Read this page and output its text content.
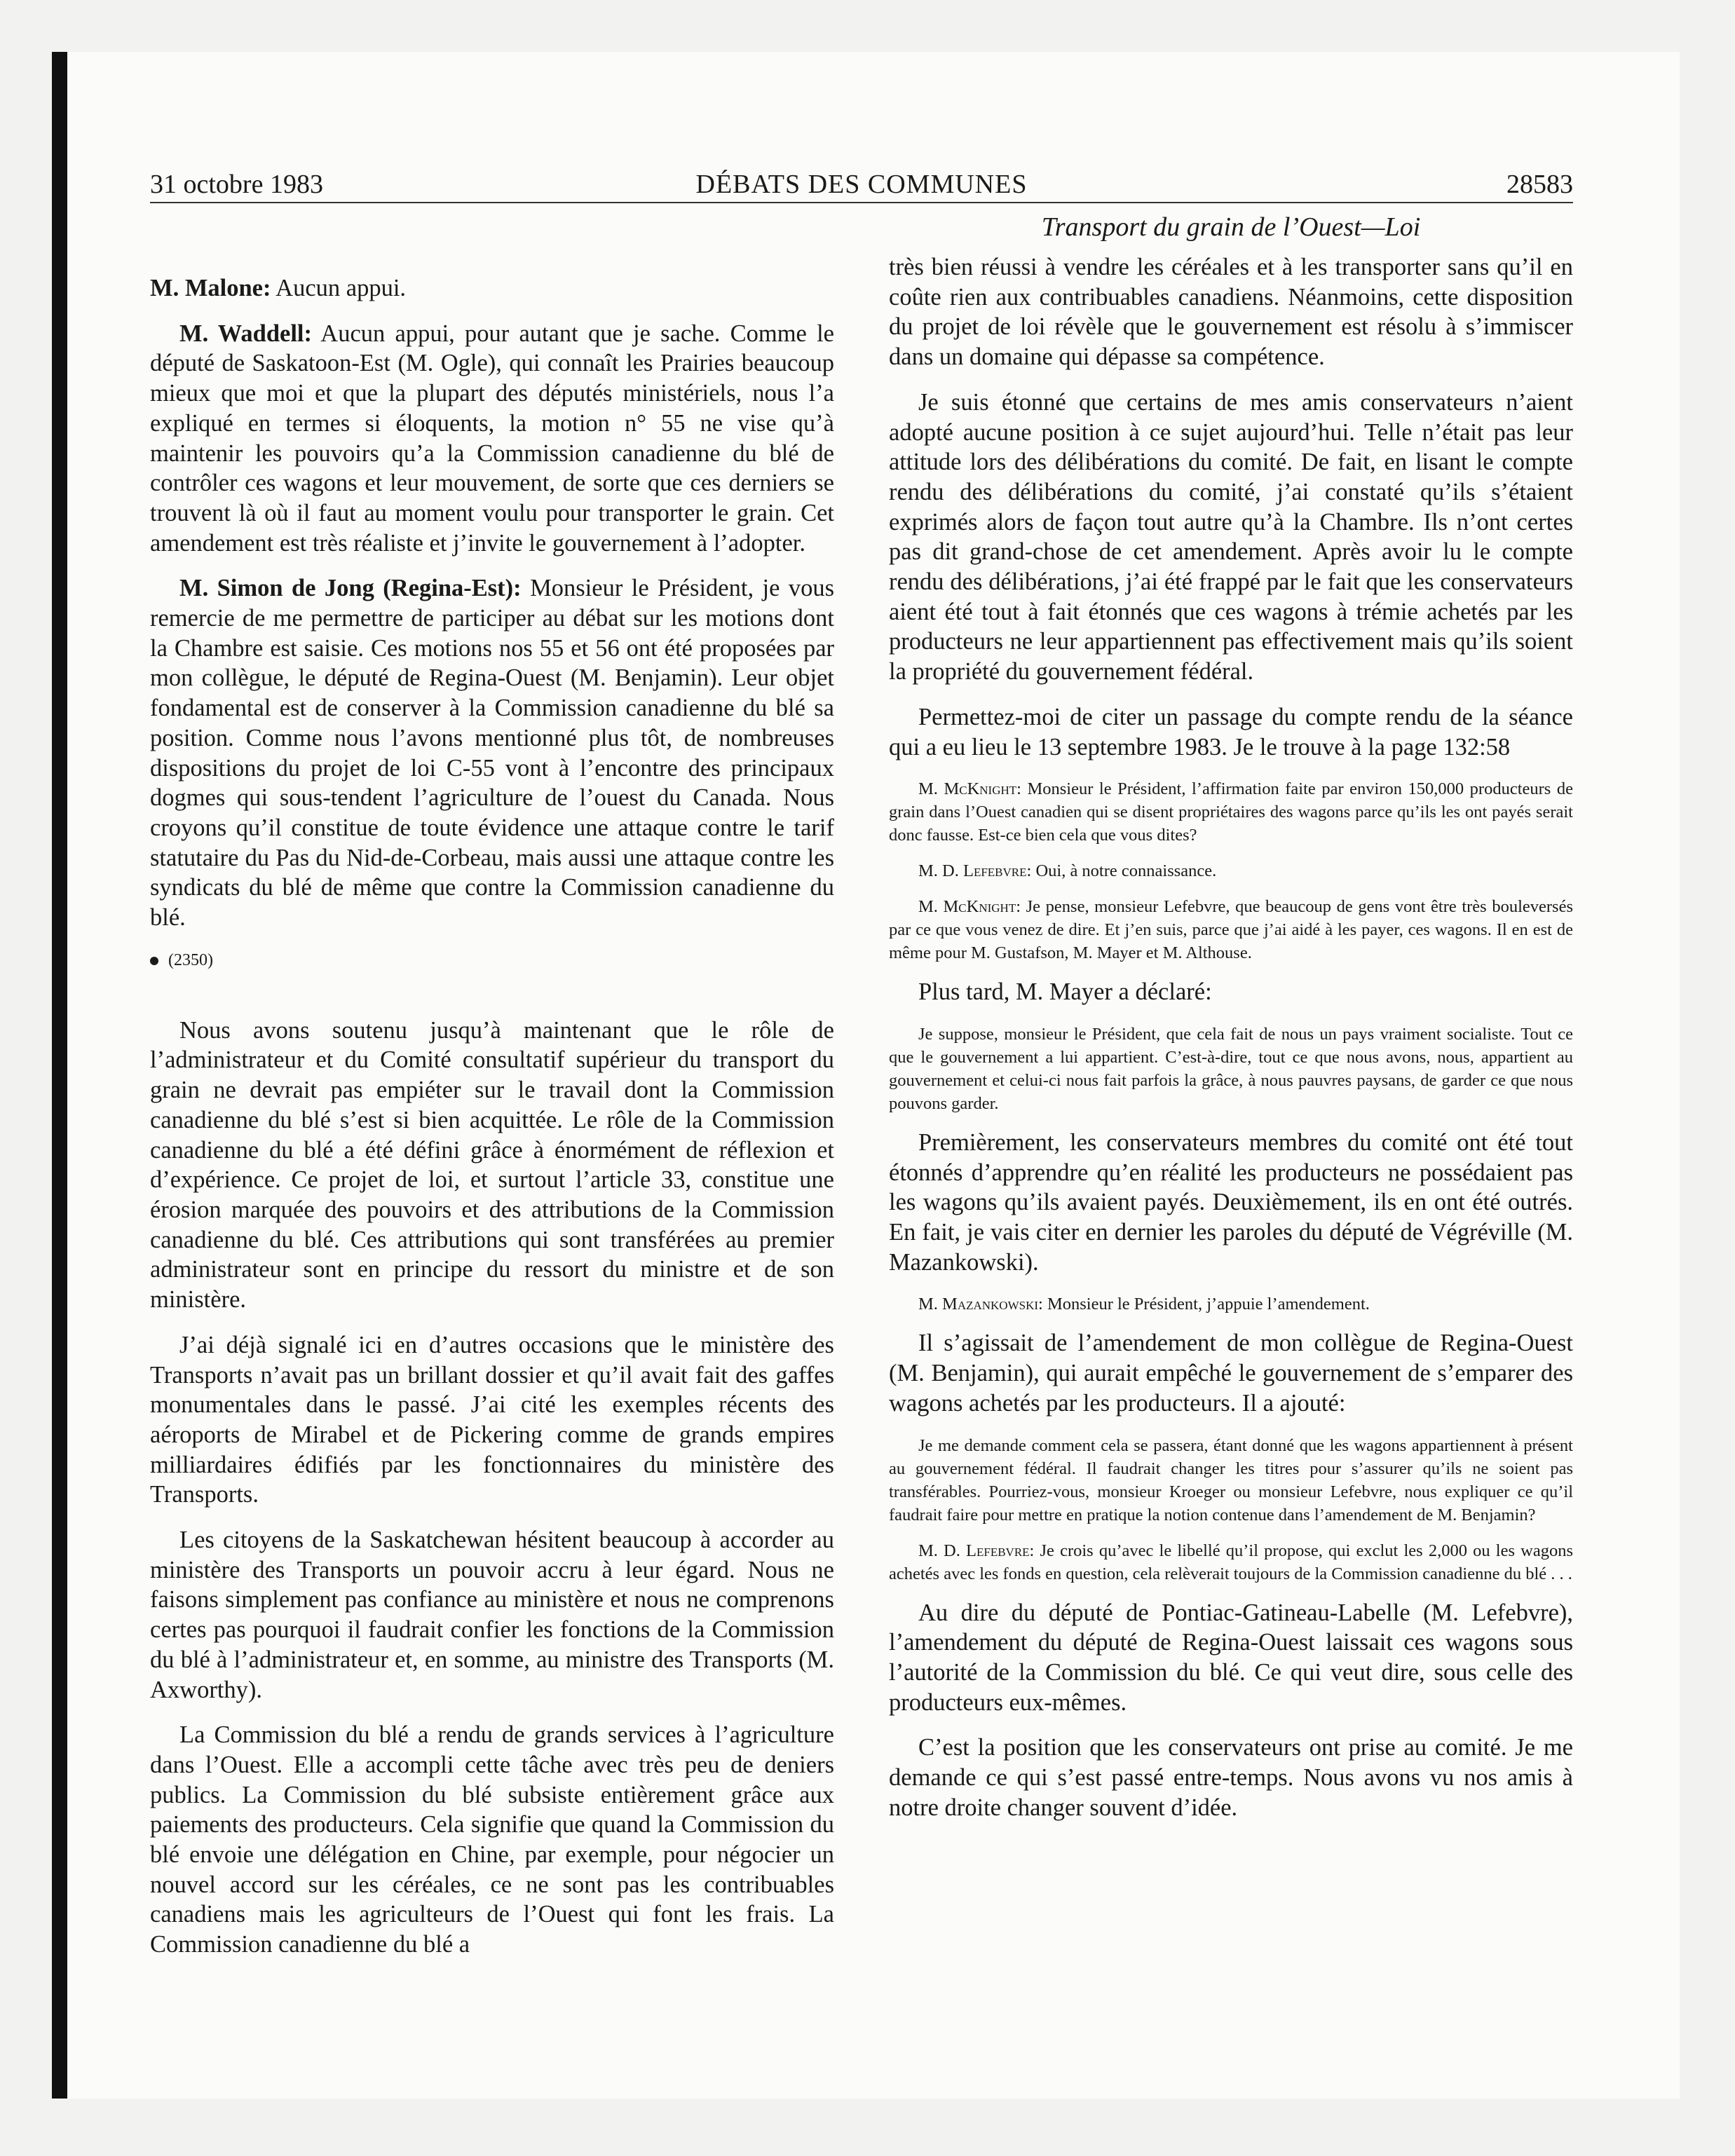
31 octobre 1983	DÉBATS DES COMMUNES	28583
Transport du grain de l’Ouest—Loi

M. Malone: Aucun appui.

M. Waddell: Aucun appui, pour autant que je sache. Comme le député de Saskatoon-Est (M. Ogle), qui connaît les Prairies beaucoup mieux que moi et que la plupart des députés ministériels, nous l’a expliqué en termes si éloquents, la motion n° 55 ne vise qu’à maintenir les pouvoirs qu’a la Commission canadienne du blé de contrôler ces wagons et leur mouvement, de sorte que ces derniers se trouvent là où il faut au moment voulu pour transporter le grain. Cet amendement est très réaliste et j’invite le gouvernement à l’adopter.

M. Simon de Jong (Regina-Est): Monsieur le Président, je vous remercie de me permettre de participer au débat sur les motions dont la Chambre est saisie. Ces motions nos 55 et 56 ont été proposées par mon collègue, le député de Regina-Ouest (M. Benjamin). Leur objet fondamental est de conserver à la Commission canadienne du blé sa position. Comme nous l’avons mentionné plus tôt, de nombreuses dispositions du projet de loi C-55 vont à l’encontre des principaux dogmes qui sous-tendent l’agriculture de l’ouest du Canada. Nous croyons qu’il constitue de toute évidence une attaque contre le tarif statutaire du Pas du Nid-de-Corbeau, mais aussi une attaque contre les syndicats du blé de même que contre la Commission canadienne du blé.

(2350)

Nous avons soutenu jusqu’à maintenant que le rôle de l’administrateur et du Comité consultatif supérieur du transport du grain ne devrait pas empiéter sur le travail dont la Commission canadienne du blé s’est si bien acquittée. Le rôle de la Commission canadienne du blé a été défini grâce à énormément de réflexion et d’expérience. Ce projet de loi, et surtout l’article 33, constitue une érosion marquée des pouvoirs et des attributions de la Commission canadienne du blé. Ces attributions qui sont transférées au premier administrateur sont en principe du ressort du ministre et de son ministère.

J’ai déjà signalé ici en d’autres occasions que le ministère des Transports n’avait pas un brillant dossier et qu’il avait fait des gaffes monumentales dans le passé. J’ai cité les exemples récents des aéroports de Mirabel et de Pickering comme de grands empires milliardaires édifiés par les fonctionnaires du ministère des Transports.

Les citoyens de la Saskatchewan hésitent beaucoup à accorder au ministère des Transports un pouvoir accru à leur égard. Nous ne faisons simplement pas confiance au ministère et nous ne comprenons certes pas pourquoi il faudrait confier les fonctions de la Commission du blé à l’administrateur et, en somme, au ministre des Transports (M. Axworthy).

La Commission du blé a rendu de grands services à l’agriculture dans l’Ouest. Elle a accompli cette tâche avec très peu de deniers publics. La Commission du blé subsiste entièrement grâce aux paiements des producteurs. Cela signifie que quand la Commission du blé envoie une délégation en Chine, par exemple, pour négocier un nouvel accord sur les céréales, ce ne sont pas les contribuables canadiens mais les agriculteurs de l’Ouest qui font les frais. La Commission canadienne du blé a

très bien réussi à vendre les céréales et à les transporter sans qu’il en coûte rien aux contribuables canadiens. Néanmoins, cette disposition du projet de loi révèle que le gouvernement est résolu à s’immiscer dans un domaine qui dépasse sa compétence.

Je suis étonné que certains de mes amis conservateurs n’aient adopté aucune position à ce sujet aujourd’hui. Telle n’était pas leur attitude lors des délibérations du comité. De fait, en lisant le compte rendu des délibérations du comité, j’ai constaté qu’ils s’étaient exprimés alors de façon tout autre qu’à la Chambre. Ils n’ont certes pas dit grand-chose de cet amendement. Après avoir lu le compte rendu des délibérations, j’ai été frappé par le fait que les conservateurs aient été tout à fait étonnés que ces wagons à trémie achetés par les producteurs ne leur appartiennent pas effectivement mais qu’ils soient la propriété du gouvernement fédéral.

Permettez-moi de citer un passage du compte rendu de la séance qui a eu lieu le 13 septembre 1983. Je le trouve à la page 132:58

M. McKnight: Monsieur le Président, l’affirmation faite par environ 150,000 producteurs de grain dans l’Ouest canadien qui se disent propriétaires des wagons parce qu’ils les ont payés serait donc fausse. Est-ce bien cela que vous dites?
M. D. Lefebvre: Oui, à notre connaissance.
M. McKnight: Je pense, monsieur Lefebvre, que beaucoup de gens vont être très bouleversés par ce que vous venez de dire. Et j’en suis, parce que j’ai aidé à les payer, ces wagons. Il en est de même pour M. Gustafson, M. Mayer et M. Althouse.

Plus tard, M. Mayer a déclaré:

Je suppose, monsieur le Président, que cela fait de nous un pays vraiment socialiste. Tout ce que le gouvernement a lui appartient. C’est-à-dire, tout ce que nous avons, nous, appartient au gouvernement et celui-ci nous fait parfois la grâce, à nous pauvres paysans, de garder ce que nous pouvons garder.

Premièrement, les conservateurs membres du comité ont été tout étonnés d’apprendre qu’en réalité les producteurs ne possédaient pas les wagons qu’ils avaient payés. Deuxièmement, ils en ont été outrés. En fait, je vais citer en dernier les paroles du député de Végréville (M. Mazankowski).

M. Mazankowski: Monsieur le Président, j’appuie l’amendement.

Il s’agissait de l’amendement de mon collègue de Regina-Ouest (M. Benjamin), qui aurait empêché le gouvernement de s’emparer des wagons achetés par les producteurs. Il a ajouté:

Je me demande comment cela se passera, étant donné que les wagons appartiennent à présent au gouvernement fédéral. Il faudrait changer les titres pour s’assurer qu’ils ne soient pas transférables. Pourriez-vous, monsieur Kroeger ou monsieur Lefebvre, nous expliquer ce qu’il faudrait faire pour mettre en pratique la notion contenue dans l’amendement de M. Benjamin?
M. D. Lefebvre: Je crois qu’avec le libellé qu’il propose, qui exclut les 2,000 ou les wagons achetés avec les fonds en question, cela relèverait toujours de la Commission canadienne du blé . . .

Au dire du député de Pontiac-Gatineau-Labelle (M. Lefebvre), l’amendement du député de Regina-Ouest laissait ces wagons sous l’autorité de la Commission du blé. Ce qui veut dire, sous celle des producteurs eux-mêmes.

C’est la position que les conservateurs ont prise au comité. Je me demande ce qui s’est passé entre-temps. Nous avons vu nos amis à notre droite changer souvent d’idée.
